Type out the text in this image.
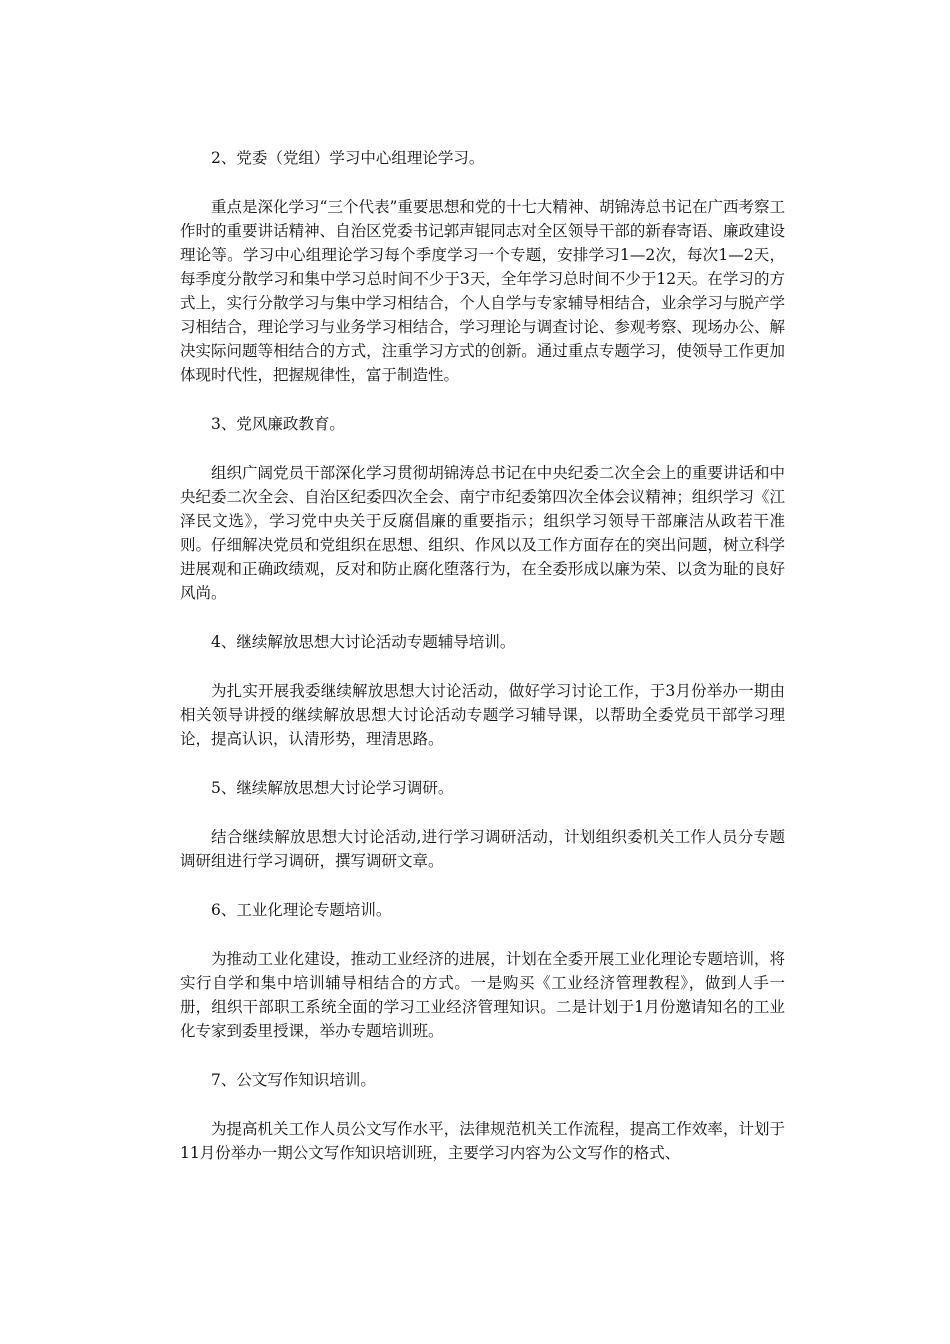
2、党委（党组）学习中心组理论学习。

重点是深化学习“三个代表”重要思想和党的十七大精神、胡锦涛总书记在广西考察工作时的重要讲话精神、自治区党委书记郭声锟同志对全区领导干部的新春寄语、廉政建设理论等。学习中心组理论学习每个季度学习一个专题，安排学习1—2次，每次1—2天，每季度分散学习和集中学习总时间不少于3天，全年学习总时间不少于12天。在学习的方式上，实行分散学习与集中学习相结合，个人自学与专家辅导相结合，业余学习与脱产学习相结合，理论学习与业务学习相结合，学习理论与调查讨论、参观考察、现场办公、解决实际问题等相结合的方式，注重学习方式的创新。通过重点专题学习，使领导工作更加体现时代性，把握规律性，富于制造性。

3、党风廉政教育。

组织广阔党员干部深化学习贯彻胡锦涛总书记在中央纪委二次全会上的重要讲话和中央纪委二次全会、自治区纪委四次全会、南宁市纪委第四次全体会议精神；组织学习《江泽民文选》，学习党中央关于反腐倡廉的重要指示；组织学习领导干部廉洁从政若干准则。仔细解决党员和党组织在思想、组织、作风以及工作方面存在的突出问题，树立科学进展观和正确政绩观，反对和防止腐化堕落行为，在全委形成以廉为荣、以贪为耻的良好风尚。

4、继续解放思想大讨论活动专题辅导培训。

为扎实开展我委继续解放思想大讨论活动，做好学习讨论工作，于3月份举办一期由相关领导讲授的继续解放思想大讨论活动专题学习辅导课，以帮助全委党员干部学习理论，提高认识，认清形势，理清思路。

5、继续解放思想大讨论学习调研。

结合继续解放思想大讨论活动,进行学习调研活动，计划组织委机关工作人员分专题调研组进行学习调研，撰写调研文章。

6、工业化理论专题培训。

为推动工业化建设，推动工业经济的进展，计划在全委开展工业化理论专题培训，将实行自学和集中培训辅导相结合的方式。一是购买《工业经济管理教程》，做到人手一册，组织干部职工系统全面的学习工业经济管理知识。二是计划于1月份邀请知名的工业化专家到委里授课，举办专题培训班。

7、公文写作知识培训。

为提高机关工作人员公文写作水平，法律规范机关工作流程，提高工作效率，计划于11月份举办一期公文写作知识培训班，主要学习内容为公文写作的格式、
